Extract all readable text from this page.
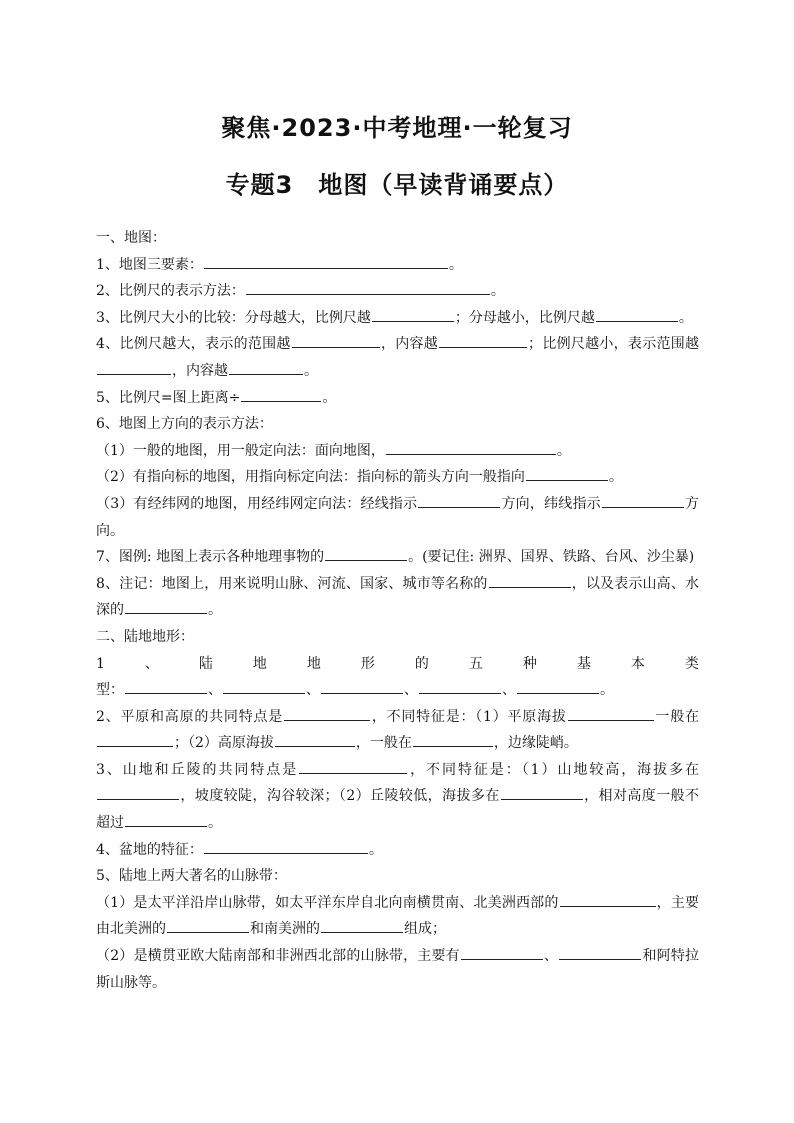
聚焦·2023·中考地理·一轮复习
专题3　地图（早读背诵要点）

一、地图：

1、地图三要素：	。

2、比例尺的表示方法：	。

3、比例尺大小的比较：分母越大，比例尺越	；分母越小，比例尺越	。

4、比例尺越大，表示的范围越	，内容越	；比例尺越小，表示范围越，内容越	。

5、比例尺=图上距离÷	。

6、地图上方向的表示方法：

（1）一般的地图，用一般定向法：面向地图，	。

（2）有指向标的地图，用指向标定向法：指向标的箭头方向一般指向	。

（3）有经纬网的地图，用经纬网定向法：经线指示	方向，纬线指示	方向。

7、图例: 地图上表示各种地理事物的	。(要记住: 洲界、国界、铁路、台风、沙尘暴)

8、注记：地图上，用来说明山脉、河流、国家、城市等名称的	，以及表示山高、水深的	。

二、陆地地形：

1	、	陆	地	地	形	的	五	种	基	本	类

型：	、	、	、	、	。

2、平原和高原的共同特点是	，不同特征是：（1）平原海拔	一般在；（2）高原海拔	，一般在	，边缘陡峭。

3、山地和丘陵的共同特点是	，不同特征是：（1）山地较高，海拔多在，坡度较陡，沟谷较深；（2）丘陵较低，海拔多在	，相对高度一般不超过	。

4、盆地的特征：	。

5、陆地上两大著名的山脉带：

（1）是太平洋沿岸山脉带，如太平洋东岸自北向南横贯南、北美洲西部的	，主要由北美洲的	和南美洲的	组成；

（2）是横贯亚欧大陆南部和非洲西北部的山脉带，主要有	、	和阿特拉斯山脉等。
